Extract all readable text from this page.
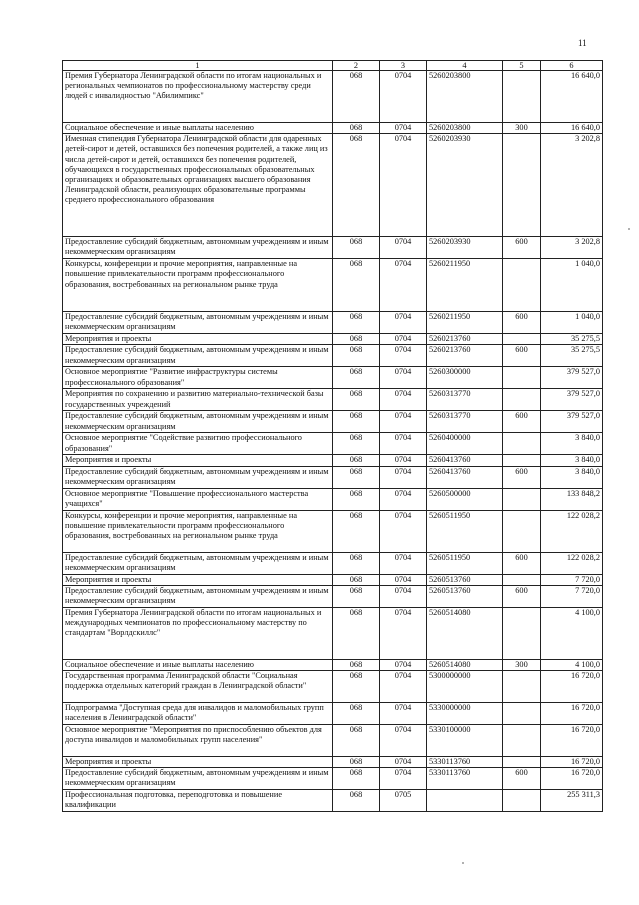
11
1	2	3	4	5	6
Премия Губернатора Ленинградской области по итогам национальных и региональных чемпионатов по профессиональному мастерству среди людей с инвалидностью "Абилимпикс"	068	0704	5260203800		16 640,0
Социальное обеспечение и иные выплаты населению	068	0704	5260203800	300	16 640,0
Именная стипендия Губернатора Ленинградской области для одаренных детей-сирот и детей, оставшихся без попечения родителей, а также лиц из числа детей-сирот и детей, оставшихся без попечения родителей, обучающихся в государственных профессиональных образовательных организациях и образовательных организациях высшего образования Ленинградской области, реализующих образовательные программы среднего профессионального образования	068	0704	5260203930		3 202,8
Предоставление субсидий бюджетным, автономным учреждениям и иным некоммерческим организациям	068	0704	5260203930	600	3 202,8
Конкурсы, конференции и прочие мероприятия, направленные на повышение привлекательности программ профессионального образования, востребованных на региональном рынке труда	068	0704	5260211950		1 040,0
Предоставление субсидий бюджетным, автономным учреждениям и иным некоммерческим организациям	068	0704	5260211950	600	1 040,0
Мероприятия и проекты	068	0704	5260213760		35 275,5
Предоставление субсидий бюджетным, автономным учреждениям и иным некоммерческим организациям	068	0704	5260213760	600	35 275,5
Основное мероприятие "Развитие инфраструктуры системы профессионального образования"	068	0704	5260300000		379 527,0
Мероприятия по сохранению и развитию материально-технической базы государственных учреждений	068	0704	5260313770		379 527,0
Предоставление субсидий бюджетным, автономным учреждениям и иным некоммерческим организациям	068	0704	5260313770	600	379 527,0
Основное мероприятие "Содействие развитию профессионального образования"	068	0704	5260400000		3 840,0
Мероприятия и проекты	068	0704	5260413760		3 840,0
Предоставление субсидий бюджетным, автономным учреждениям и иным некоммерческим организациям	068	0704	5260413760	600	3 840,0
Основное мероприятие "Повышение профессионального мастерства учащихся"	068	0704	5260500000		133 848,2
Конкурсы, конференции и прочие мероприятия, направленные на повышение привлекательности программ профессионального образования, востребованных на региональном рынке труда	068	0704	5260511950		122 028,2
Предоставление субсидий бюджетным, автономным учреждениям и иным некоммерческим организациям	068	0704	5260511950	600	122 028,2
Мероприятия и проекты	068	0704	5260513760		7 720,0
Предоставление субсидий бюджетным, автономным учреждениям и иным некоммерческим организациям	068	0704	5260513760	600	7 720,0
Премия Губернатора Ленинградской области по итогам национальных и международных чемпионатов по профессиональному мастерству по стандартам "Ворлдскиллс"	068	0704	5260514080		4 100,0
Социальное обеспечение и иные выплаты населению	068	0704	5260514080	300	4 100,0
Государственная программа Ленинградской области "Социальная поддержка отдельных категорий граждан в Ленинградской области"	068	0704	5300000000		16 720,0
Подпрограмма "Доступная среда для инвалидов и маломобильных групп населения в Ленинградской области"	068	0704	5330000000		16 720,0
Основное мероприятие "Мероприятия по приспособлению объектов для доступа инвалидов и маломобильных групп населения"	068	0704	5330100000		16 720,0
Мероприятия и проекты	068	0704	5330113760		16 720,0
Предоставление субсидий бюджетным, автономным учреждениям и иным некоммерческим организациям	068	0704	5330113760	600	16 720,0
Профессиональная подготовка, переподготовка и повышение квалификации	068	0705			255 311,3
